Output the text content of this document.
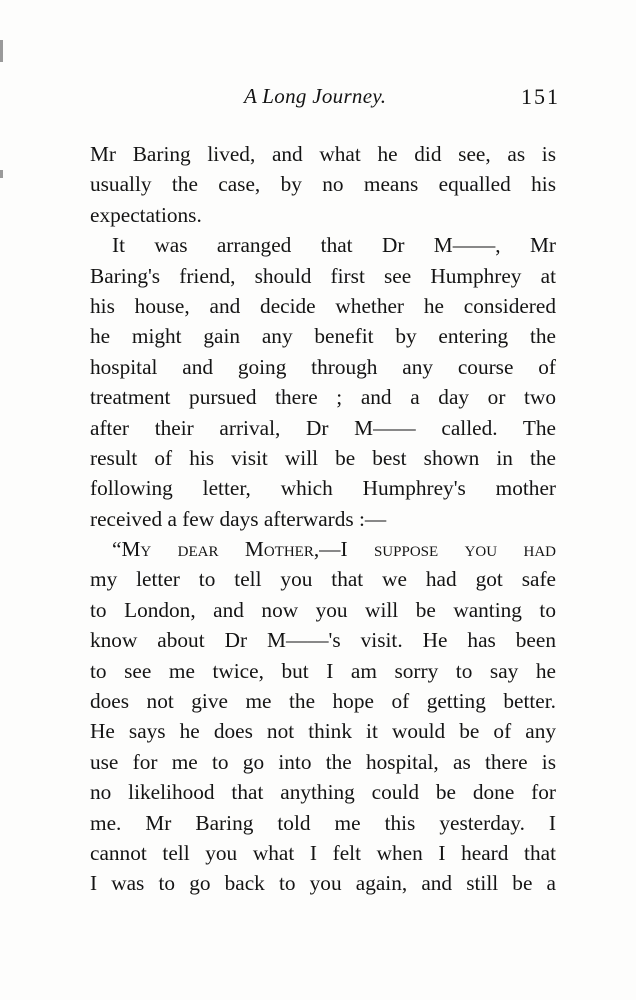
A Long Journey.	151
Mr Baring lived, and what he did see, as is
usually the case, by no means equalled his
expectations.
It was arranged that Dr M——, Mr
Baring's friend, should first see Humphrey at
his house, and decide whether he considered
he might gain any benefit by entering the
hospital and going through any course of
treatment pursued there ; and a day or two
after their arrival, Dr M—— called. The
result of his visit will be best shown in the
following letter, which Humphrey's mother
received a few days afterwards :—
“My dear Mother,—I suppose you had
my letter to tell you that we had got safe
to London, and now you will be wanting to
know about Dr M——'s visit. He has been
to see me twice, but I am sorry to say he
does not give me the hope of getting better.
He says he does not think it would be of any
use for me to go into the hospital, as there is
no likelihood that anything could be done for
me. Mr Baring told me this yesterday. I
cannot tell you what I felt when I heard that
I was to go back to you again, and still be a
